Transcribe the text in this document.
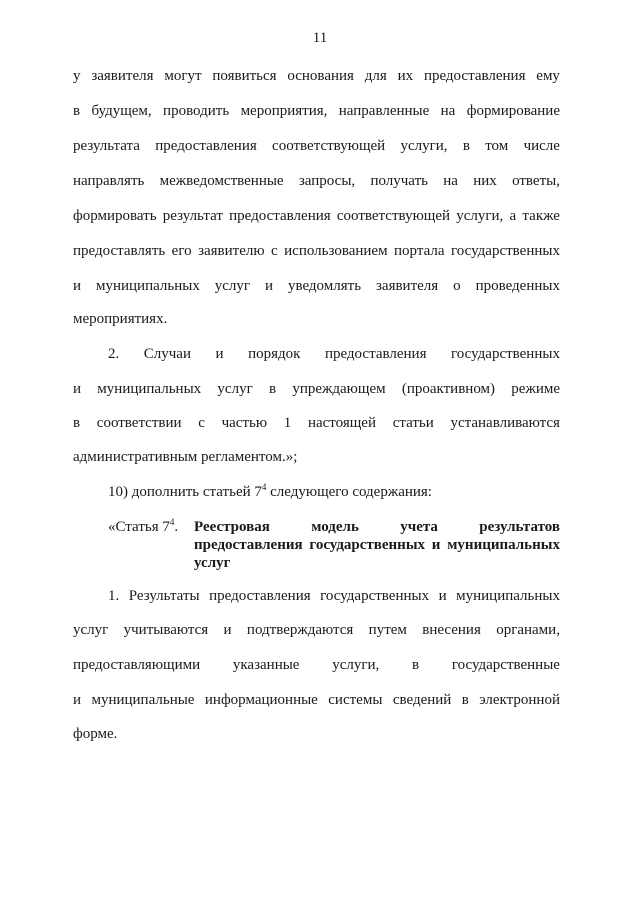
11
у заявителя могут появиться основания для их предоставления ему
в будущем, проводить мероприятия, направленные на формирование
результата предоставления соответствующей услуги, в том числе
направлять межведомственные запросы, получать на них ответы,
формировать результат предоставления соответствующей услуги, а также
предоставлять его заявителю с использованием портала государственных
и муниципальных услуг и уведомлять заявителя о проведенных
мероприятиях.
2. Случаи и порядок предоставления государственных
и муниципальных услуг в упреждающем (проактивном) режиме
в соответствии с частью 1 настоящей статьи устанавливаются
административным регламентом.»;
10) дополнить статьей $7^4$ следующего содержания:
«Статья $7^4$. Реестровая	модель	учета	результатов
предоставления государственных и муниципальных
услуг
1. Результаты предоставления государственных и муниципальных
услуг учитываются и подтверждаются путем внесения органами,
предоставляющими указанные услуги, в государственные
и муниципальные информационные системы сведений в электронной
форме.
